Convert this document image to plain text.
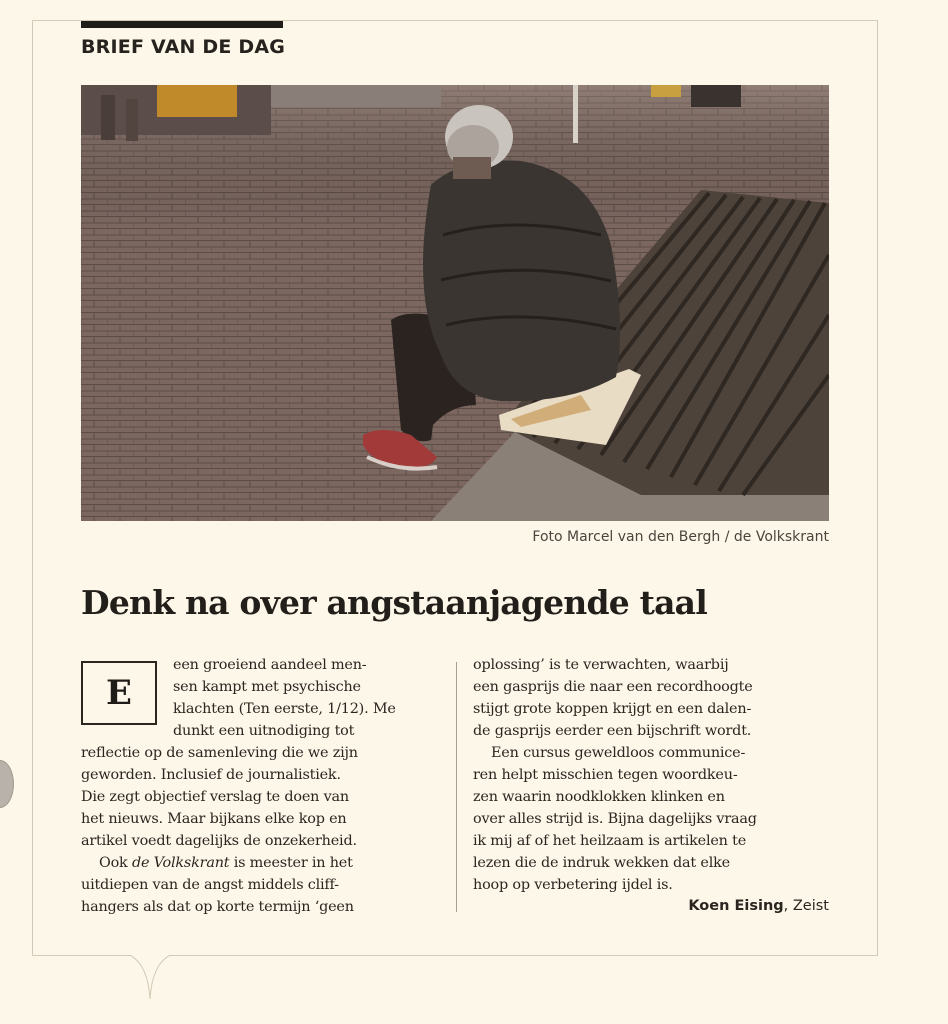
BRIEF VAN DE DAG
Foto Marcel van den Bergh / de Volkskrant
Denk na over angstaanjagende taal
E
een groeiend aandeel men-
sen kampt met psychische
klachten (Ten eerste, 1/12). Me
dunkt een uitnodiging tot
reflectie op de samenleving die we zijn
geworden. Inclusief de journalistiek.
Die zegt objectief verslag te doen van
het nieuws. Maar bijkans elke kop en
artikel voedt dagelijks de onzekerheid.
Ook de Volkskrant is meester in het
uitdiepen van de angst middels cliff-
hangers als dat op korte termijn ‘geen
oplossing’ is te verwachten, waarbij
een gasprijs die naar een recordhoogte
stijgt grote koppen krijgt en een dalen-
de gasprijs eerder een bijschrift wordt.
Een cursus geweldloos communice-
ren helpt misschien tegen woordkeu-
zen waarin noodklokken klinken en
over alles strijd is. Bijna dagelijks vraag
ik mij af of het heilzaam is artikelen te
lezen die de indruk wekken dat elke
hoop op verbetering ijdel is.
Koen Eising, Zeist
